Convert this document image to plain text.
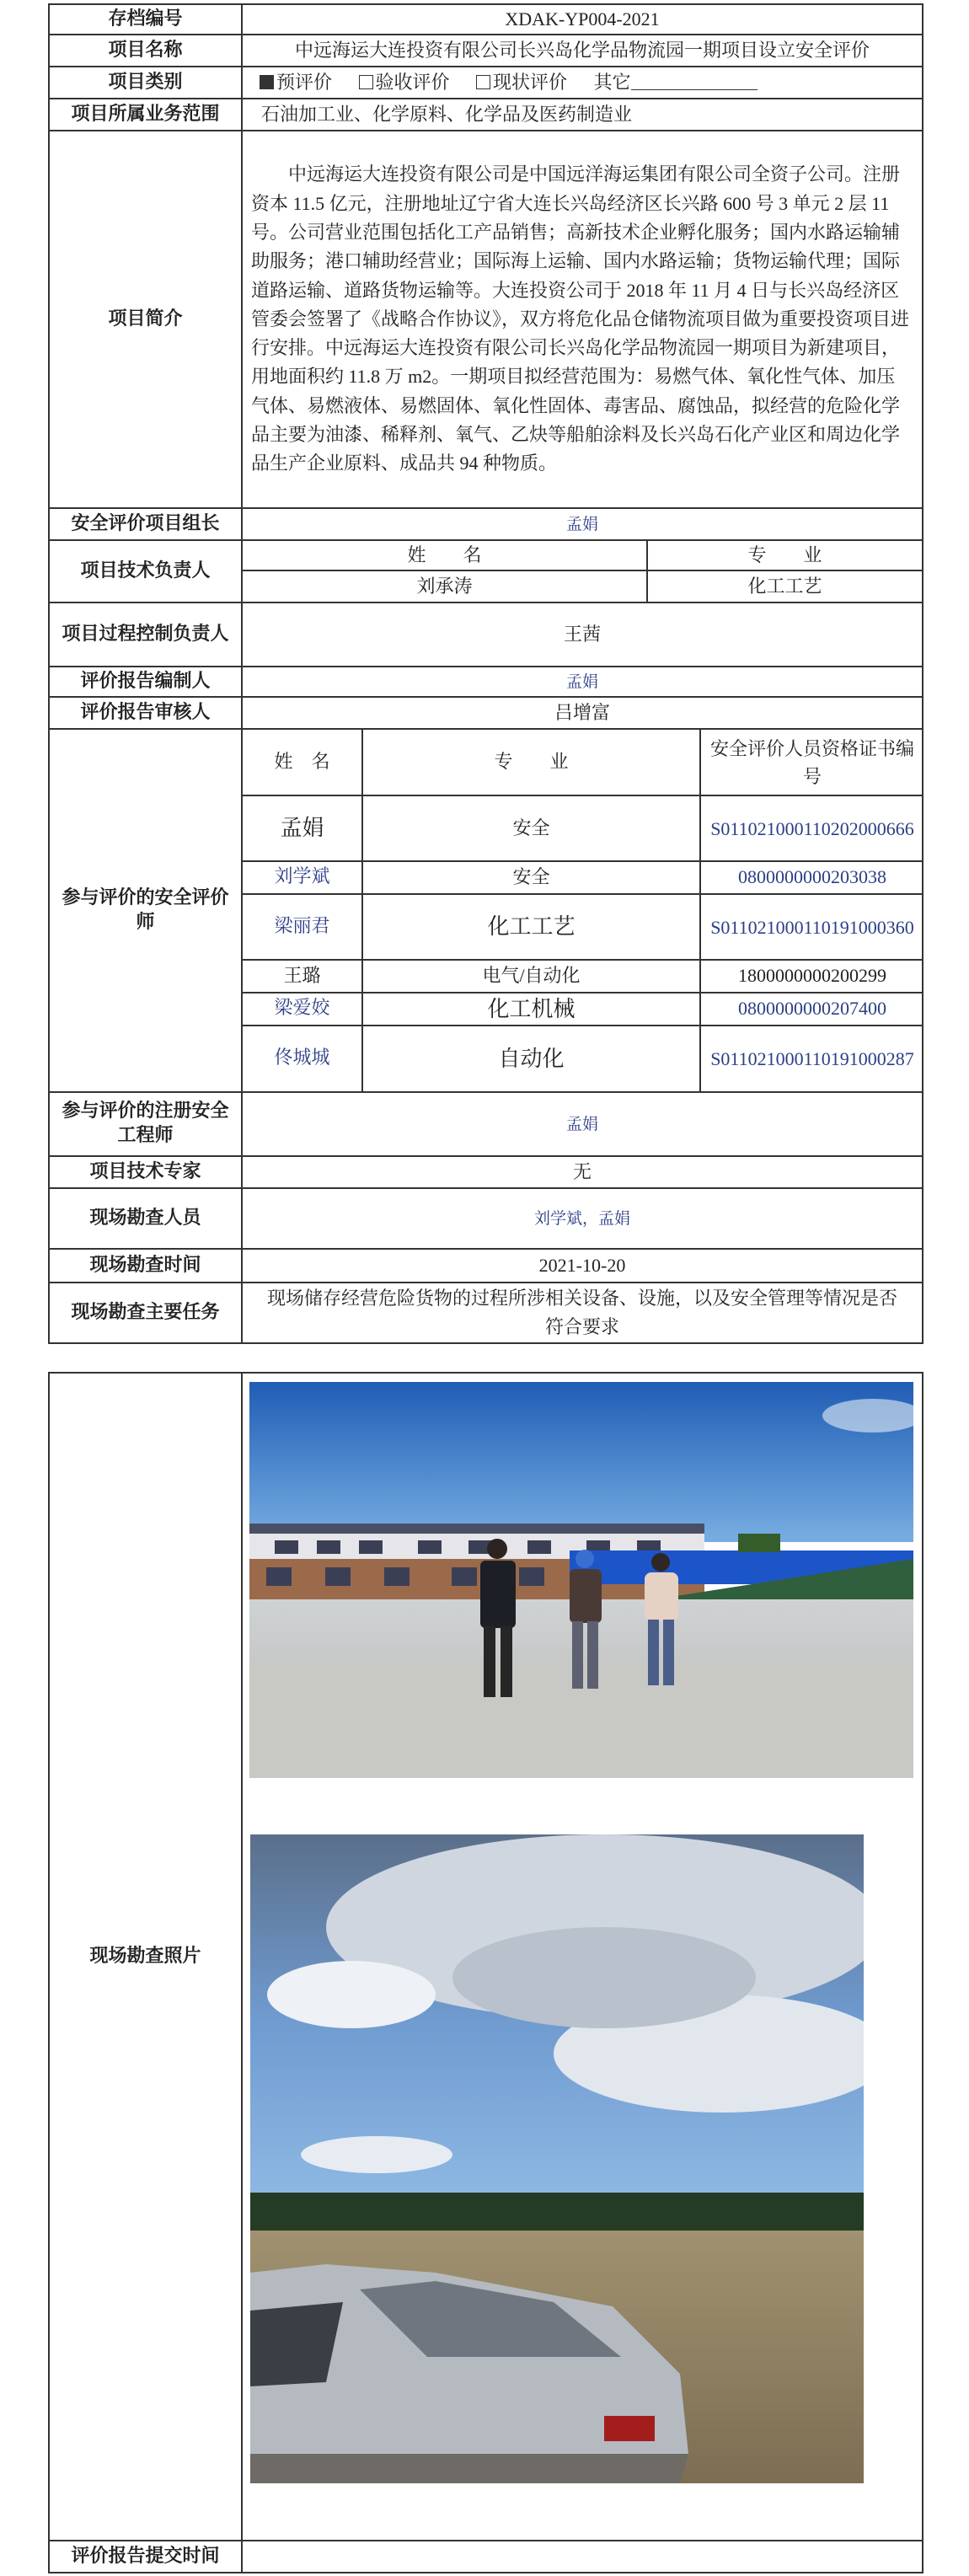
存档编号	XDAK-YP004-2021
项目名称	中远海运大连投资有限公司长兴岛化学品物流园一期项目设立安全评价
项目类别	预评价 验收评价 现状评价 其它
项目所属业务范围	石油加工业、化学原料、化学品及医药制造业
项目简介	中远海运大连投资有限公司是中国远洋海运集团有限公司全资子公司。注册资本 11.5 亿元，注册地址辽宁省大连长兴岛经济区长兴路 600 号 3 单元 2 层 11 号。公司营业范围包括化工产品销售；高新技术企业孵化服务；国内水路运输辅助服务；港口辅助经营业；国际海上运输、国内水路运输；货物运输代理；国际道路运输、道路货物运输等。大连投资公司于 2018 年 11 月 4 日与长兴岛经济区管委会签署了《战略合作协议》，双方将危化品仓储物流项目做为重要投资项目进行安排。中远海运大连投资有限公司长兴岛化学品物流园一期项目为新建项目，用地面积约 11.8 万 m2。一期项目拟经营范围为：易燃气体、氧化性气体、加压气体、易燃液体、易燃固体、氧化性固体、毒害品、腐蚀品，拟经营的危险化学品主要为油漆、稀释剂、氧气、乙炔等船舶涂料及长兴岛石化产业区和周边化学品生产企业原料、成品共 94 种物质。
安全评价项目组长	孟娟
项目技术负责人	姓　　名	专　　业
刘承涛	化工工艺
项目过程控制负责人	王茜
评价报告编制人	孟娟
评价报告审核人	吕增富
参与评价的安全评价师	
姓　名	专　　业	安全评价人员资格证书编号
孟娟	安全	S011021000110202000666
刘学斌	安全	0800000000203038
梁丽君	化工工艺	S011021000110191000360
王璐	电气/自动化	1800000000200299
梁爱姣	化工机械	0800000000207400
佟城城	自动化	S011021000110191000287

参与评价的注册安全工程师	孟娟
项目技术专家	无
现场勘查人员	刘学斌，孟娟
现场勘查时间	2021-10-20
现场勘查主要任务	现场储存经营危险货物的过程所涉相关设备、设施，以及安全管理等情况是否符合要求
现场勘查照片	
评价报告提交时间	
